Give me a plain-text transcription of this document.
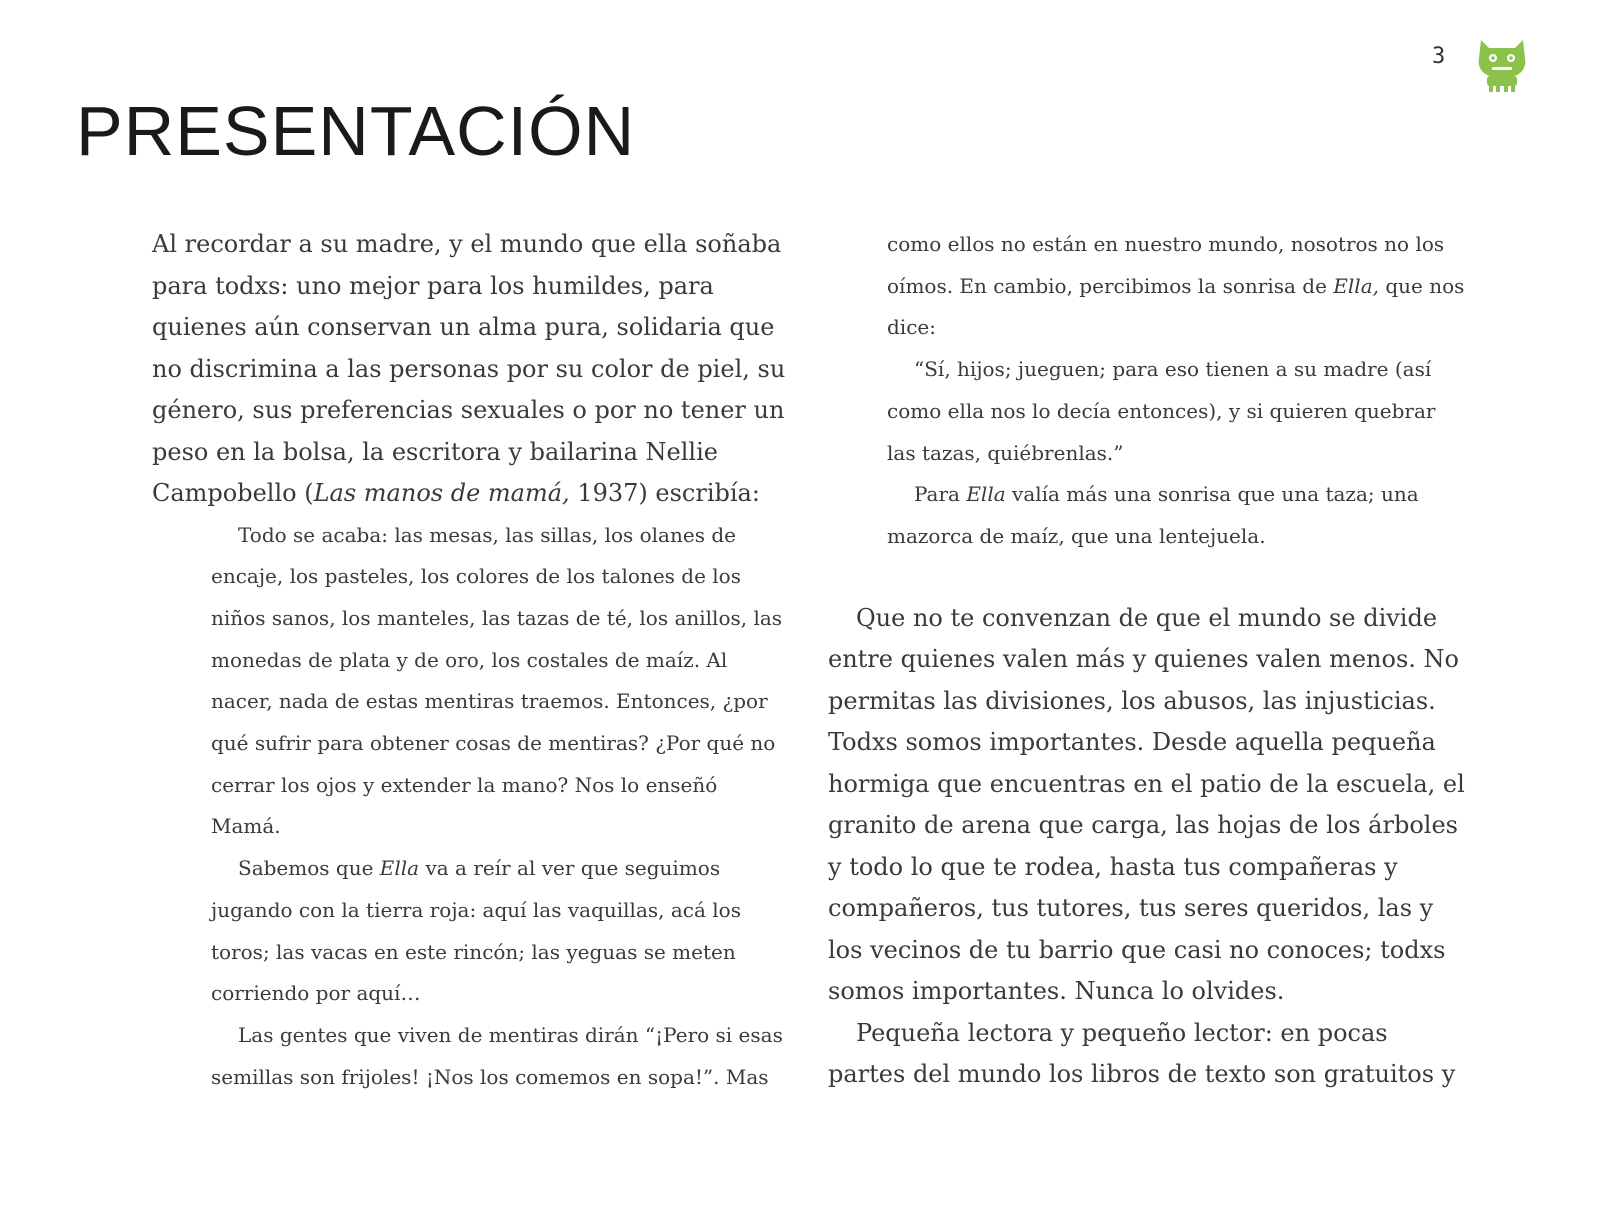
3
PRESENTACIÓN

Al recordar a su madre, y el mundo que ella soñaba para todxs: uno mejor para los humildes, para quienes aún conservan un alma pura, solidaria que no discrimina a las personas por su color de piel, su género, sus preferencias sexuales o por no tener un peso en la bolsa, la escritora y bailarina Nellie Campobello (Las manos de mamá, 1937) escribía:

Todo se acaba: las mesas, las sillas, los olanes de encaje, los pasteles, los colores de los talones de los niños sanos, los manteles, las tazas de té, los anillos, las monedas de plata y de oro, los costales de maíz. Al nacer, nada de estas mentiras traemos. Entonces, ¿por qué sufrir para obtener cosas de mentiras? ¿Por qué no cerrar los ojos y extender la mano? Nos lo enseñó Mamá.

Sabemos que Ella va a reír al ver que seguimos jugando con la tierra roja: aquí las vaquillas, acá los toros; las vacas en este rincón; las yeguas se meten corriendo por aquí…

Las gentes que viven de mentiras dirán “¡Pero si esas semillas son frijoles! ¡Nos los comemos en sopa!”. Mas

como ellos no están en nuestro mundo, nosotros no los oímos. En cambio, percibimos la sonrisa de Ella, que nos dice:

“Sí, hijos; jueguen; para eso tienen a su madre (así como ella nos lo decía entonces), y si quieren quebrar las tazas, quiébrenlas.”

Para Ella valía más una sonrisa que una taza; una mazorca de maíz, que una lentejuela.

Que no te convenzan de que el mundo se divide entre quienes valen más y quienes valen menos. No permitas las divisiones, los abusos, las injusticias. Todxs somos importantes. Desde aquella pequeña hormiga que encuentras en el patio de la escuela, el granito de arena que carga, las hojas de los árboles y todo lo que te rodea, hasta tus compañeras y compañeros, tus tutores, tus seres queridos, las y los vecinos de tu barrio que casi no conoces; todxs somos importantes. Nunca lo olvides.

Pequeña lectora y pequeño lector: en pocas partes del mundo los libros de texto son gratuitos y
